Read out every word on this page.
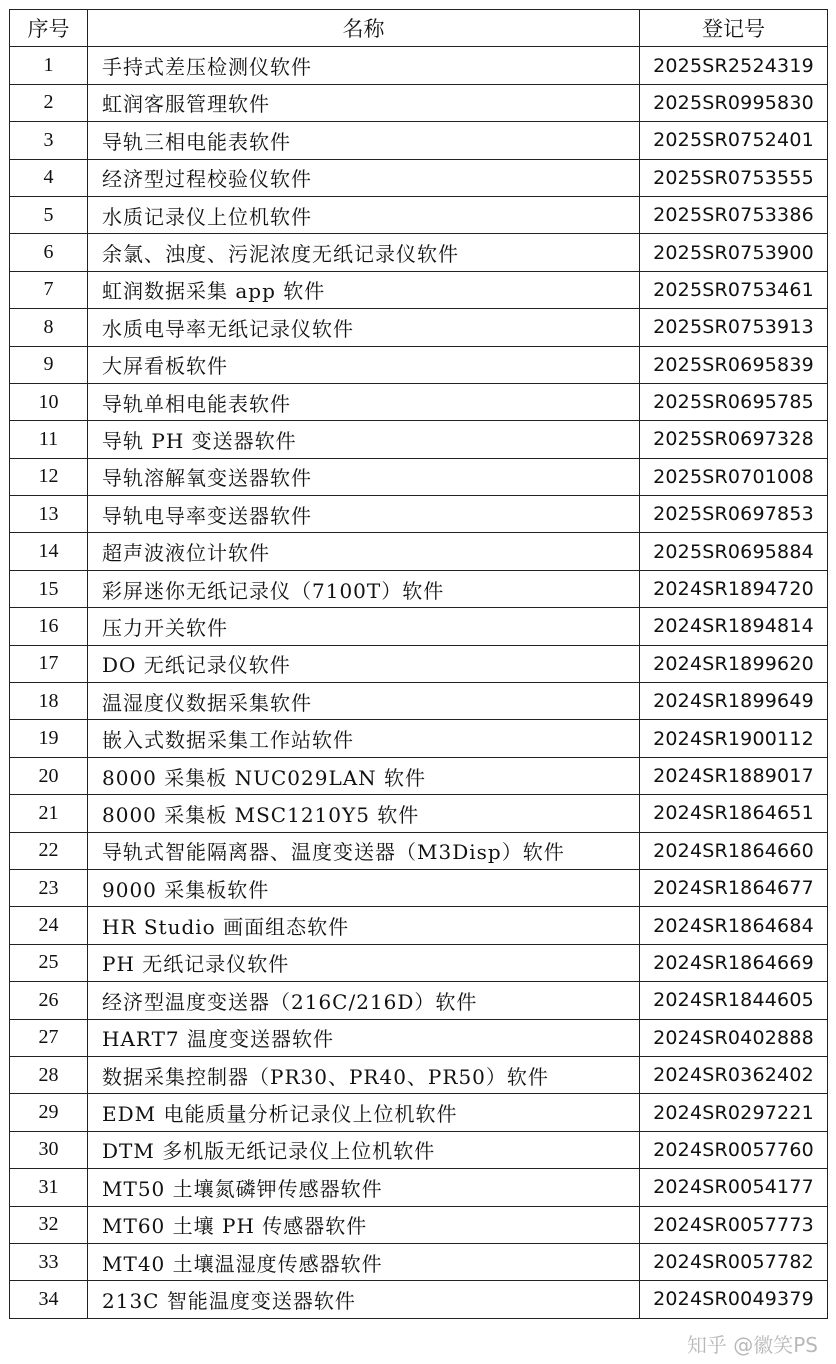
序号	名称	登记号
1	手持式差压检测仪软件	2025SR2524319
2	虹润客服管理软件	2025SR0995830
3	导轨三相电能表软件	2025SR0752401
4	经济型过程校验仪软件	2025SR0753555
5	水质记录仪上位机软件	2025SR0753386
6	余氯、浊度、污泥浓度无纸记录仪软件	2025SR0753900
7	虹润数据采集 app 软件	2025SR0753461
8	水质电导率无纸记录仪软件	2025SR0753913
9	大屏看板软件	2025SR0695839
10	导轨单相电能表软件	2025SR0695785
11	导轨 PH 变送器软件	2025SR0697328
12	导轨溶解氧变送器软件	2025SR0701008
13	导轨电导率变送器软件	2025SR0697853
14	超声波液位计软件	2025SR0695884
15	彩屏迷你无纸记录仪（7100T）软件	2024SR1894720
16	压力开关软件	2024SR1894814
17	DO 无纸记录仪软件	2024SR1899620
18	温湿度仪数据采集软件	2024SR1899649
19	嵌入式数据采集工作站软件	2024SR1900112
20	8000 采集板 NUC029LAN 软件	2024SR1889017
21	8000 采集板 MSC1210Y5 软件	2024SR1864651
22	导轨式智能隔离器、温度变送器（M3Disp）软件	2024SR1864660
23	9000 采集板软件	2024SR1864677
24	HR Studio 画面组态软件	2024SR1864684
25	PH 无纸记录仪软件	2024SR1864669
26	经济型温度变送器（216C/216D）软件	2024SR1844605
27	HART7 温度变送器软件	2024SR0402888
28	数据采集控制器（PR30、PR40、PR50）软件	2024SR0362402
29	EDM 电能质量分析记录仪上位机软件	2024SR0297221
30	DTM 多机版无纸记录仪上位机软件	2024SR0057760
31	MT50 土壤氮磷钾传感器软件	2024SR0054177
32	MT60 土壤 PH 传感器软件	2024SR0057773
33	MT40 土壤温湿度传感器软件	2024SR0057782
34	213C 智能温度变送器软件	2024SR0049379
知乎 @徽笑PS
